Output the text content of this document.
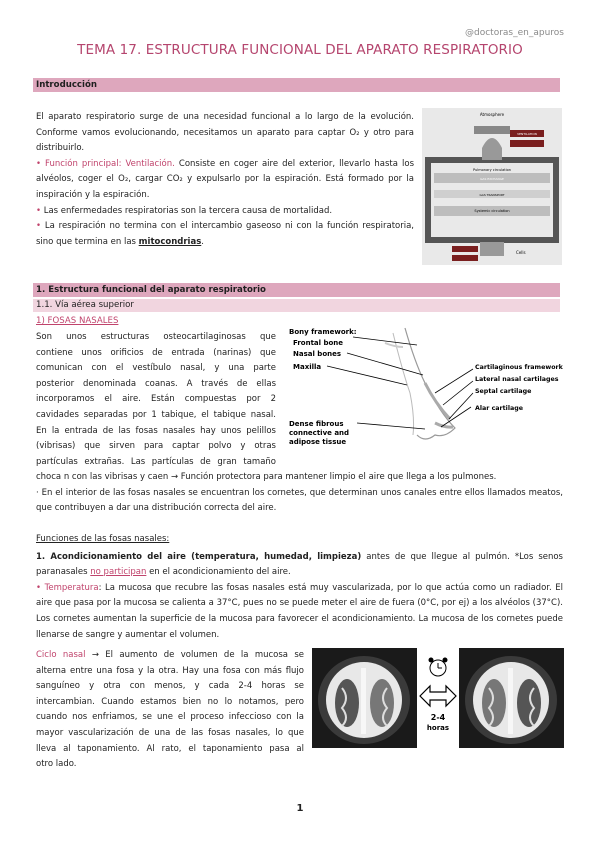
@doctoras_en_apuros
TEMA 17. ESTRUCTURA FUNCIONAL DEL APARATO RESPIRATORIO
Introducción

El aparato respiratorio surge de una necesidad funcional a lo largo de la evolución. Conforme vamos evolucionando, necesitamos un aparato para captar O₂ y otro para distribuirlo.

• Función principal: Ventilación. Consiste en coger aire del exterior, llevarlo hasta los alvéolos, coger el O₂, cargar CO₂ y expulsarlo por la espiración. Está formado por la inspiración y la espiración.

• Las enfermedades respiratorias son la tercera causa de mortalidad.

• La respiración no termina con el intercambio gaseoso ni con la función respiratoria, sino que termina en las mitocondrias.

Atmosphere
VENTILATION
Pulmonary circulation
GAS EXCHANGE
GAS TRANSPORT
Systemic circulation
Cells
1. Estructura funcional del aparato respiratorio
1.1. Vía aérea superior
1) FOSAS NASALES

Son unos estructuras osteocartilaginosas que

contiene unos orificios de entrada (narinas) que

comunican con el vestíbulo nasal, y una parte

posterior denominada coanas. A través de ellas

incorporamos el aire. Están compuestas por 2

cavidades separadas por 1 tabique, el tabique nasal.

En la entrada de las fosas nasales hay unos pelillos

(vibrisas) que sirven para captar polvo y otras

partículas extrañas. Las partículas de gran tamaño

Bony framework:
Frontal bone
Nasal bones
Maxilla	Cartilaginous framework
Lateral nasal cartilages
Septal cartilage
Alar cartilage
Dense fibrous
connective and
adipose tissue

choca n con las vibrisas y caen → Función protectora para mantener limpio el aire que llega a los pulmones.

· En el interior de las fosas nasales se encuentran los cornetes, que determinan unos canales entre ellos llamados meatos, que contribuyen a dar una distribución correcta del aire.

Funciones de las fosas nasales:

1. Acondicionamiento del aire (temperatura, humedad, limpieza) antes de que llegue al pulmón. *Los senos paranasales no participan en el acondicionamiento del aire.

• Temperatura: La mucosa que recubre las fosas nasales está muy vascularizada, por lo que actúa como un radiador. El aire que pasa por la mucosa se calienta a 37°C, pues no se puede meter el aire de fuera (0°C, por ej) a los alvéolos (37°C). Los cornetes aumentan la superficie de la mucosa para favorecer el acondicionamiento. La mucosa de los cornetes puede llenarse de sangre y aumentar el volumen.

Ciclo nasal → El aumento de volumen de la mucosa se

alterna entre una fosa y la otra. Hay una fosa con más flujo

sanguíneo y otra con menos, y cada 2-4 horas se

intercambian. Cuando estamos bien no lo notamos, pero

cuando nos enfriamos, se une el proceso infeccioso con la

mayor vascularización de una de las fosas nasales, lo que

lleva al taponamiento. Al rato, el taponamiento pasa al

otro lado.

2-4
horas
1
